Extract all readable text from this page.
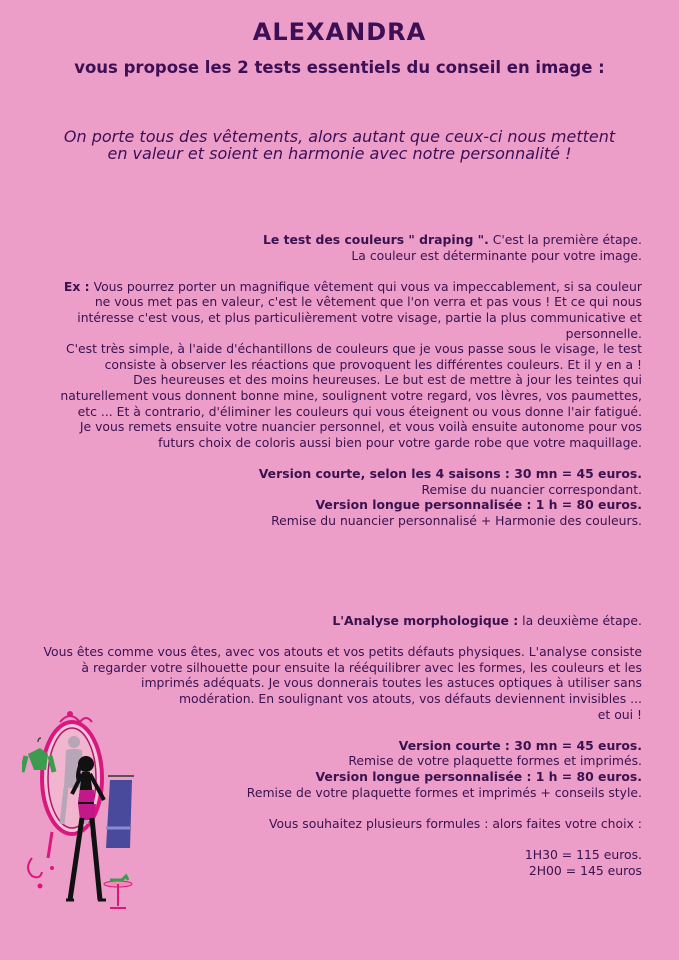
ALEXANDRA
vous propose les 2 tests essentiels du conseil en image :
On porte tous des vêtements, alors autant que ceux-ci nous mettent
en valeur et soient en harmonie avec notre personnalité !

Le test des couleurs " draping ". C'est la première étape.

La couleur est déterminante pour votre image.

Ex : Vous pourrez porter un magnifique vêtement qui vous va impeccablement, si sa couleur

ne vous met pas en valeur, c'est le vêtement que l'on verra et pas vous ! Et ce qui nous

intéresse c'est vous, et plus particulièrement votre visage, partie la plus communicative et

personnelle.

C'est très simple, à l'aide d'échantillons de couleurs que je vous passe sous le visage, le test

consiste à observer les réactions que provoquent les différentes couleurs. Et il y en a !

Des heureuses et des moins heureuses. Le but est de mettre à jour les teintes qui

naturellement vous donnent bonne mine, soulignent votre regard, vos lèvres, vos paumettes,

etc ... Et à contrario, d'éliminer les couleurs qui vous éteignent ou vous donne l'air fatigué.

Je vous remets ensuite votre nuancier personnel, et vous voilà ensuite autonome pour vos

futurs choix de coloris aussi bien pour votre garde robe que votre maquillage.

Version courte, selon les 4 saisons : 30 mn = 45 euros.

Remise du nuancier correspondant.

Version longue personnalisée : 1 h = 80 euros.

Remise du nuancier personnalisé + Harmonie des couleurs.

L'Analyse morphologique : la deuxième étape.

Vous êtes comme vous êtes, avec vos atouts et vos petits défauts physiques. L'analyse consiste

à regarder votre silhouette pour ensuite la rééquilibrer avec les formes, les couleurs et les

imprimés adéquats. Je vous donnerais toutes les astuces optiques à utiliser sans

modération. En soulignant vos atouts, vos défauts deviennent invisibles ...

et oui !

Version courte : 30 mn = 45 euros.

Remise de votre plaquette formes et imprimés.

Version longue personnalisée : 1 h = 80 euros.

Remise de votre plaquette formes et imprimés + conseils style.

Vous souhaitez plusieurs formules : alors faites votre choix :

1H30 = 115 euros.

2H00 = 145 euros
